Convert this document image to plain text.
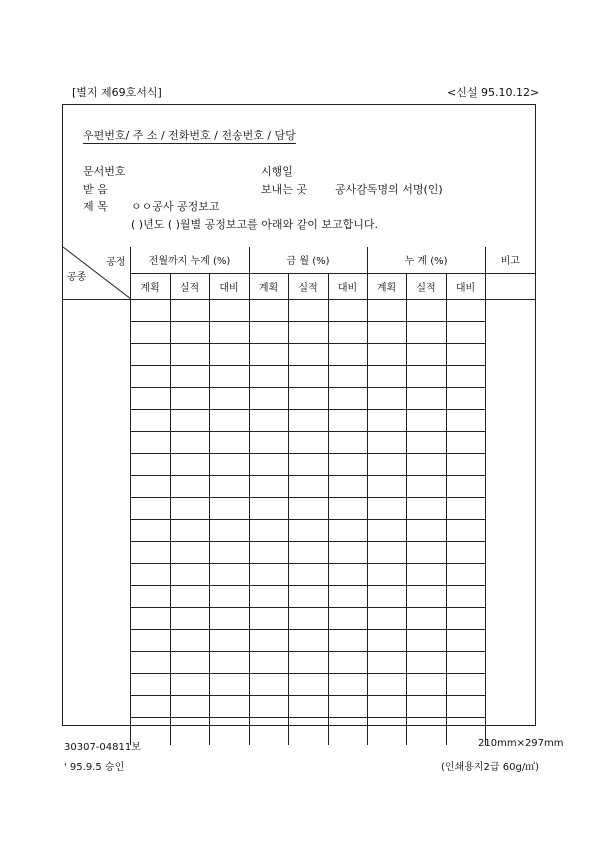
[별지 제69호서식]	<신설 95.10.12>
우편번호/ 주 소 / 전화번호 / 전송번호 / 담당
문서번호	시행일
받 음	보내는 곳	공사감독명의 서명(인)
제 목 ㅇㅇ공사 공정보고
( )년도 ( )월별 공정보고를 아래와 같이 보고합니다.
공정
공종	전월까지 누계 (%)			금 월 (%)			누 계 (%)			비고
	계획	실적	대비	계획	실적	대비	계획	실적	대비	

30307-04811보	210mm×297mm
' 95.9.5 승인	(인쇄용지2급 60g/㎡)
